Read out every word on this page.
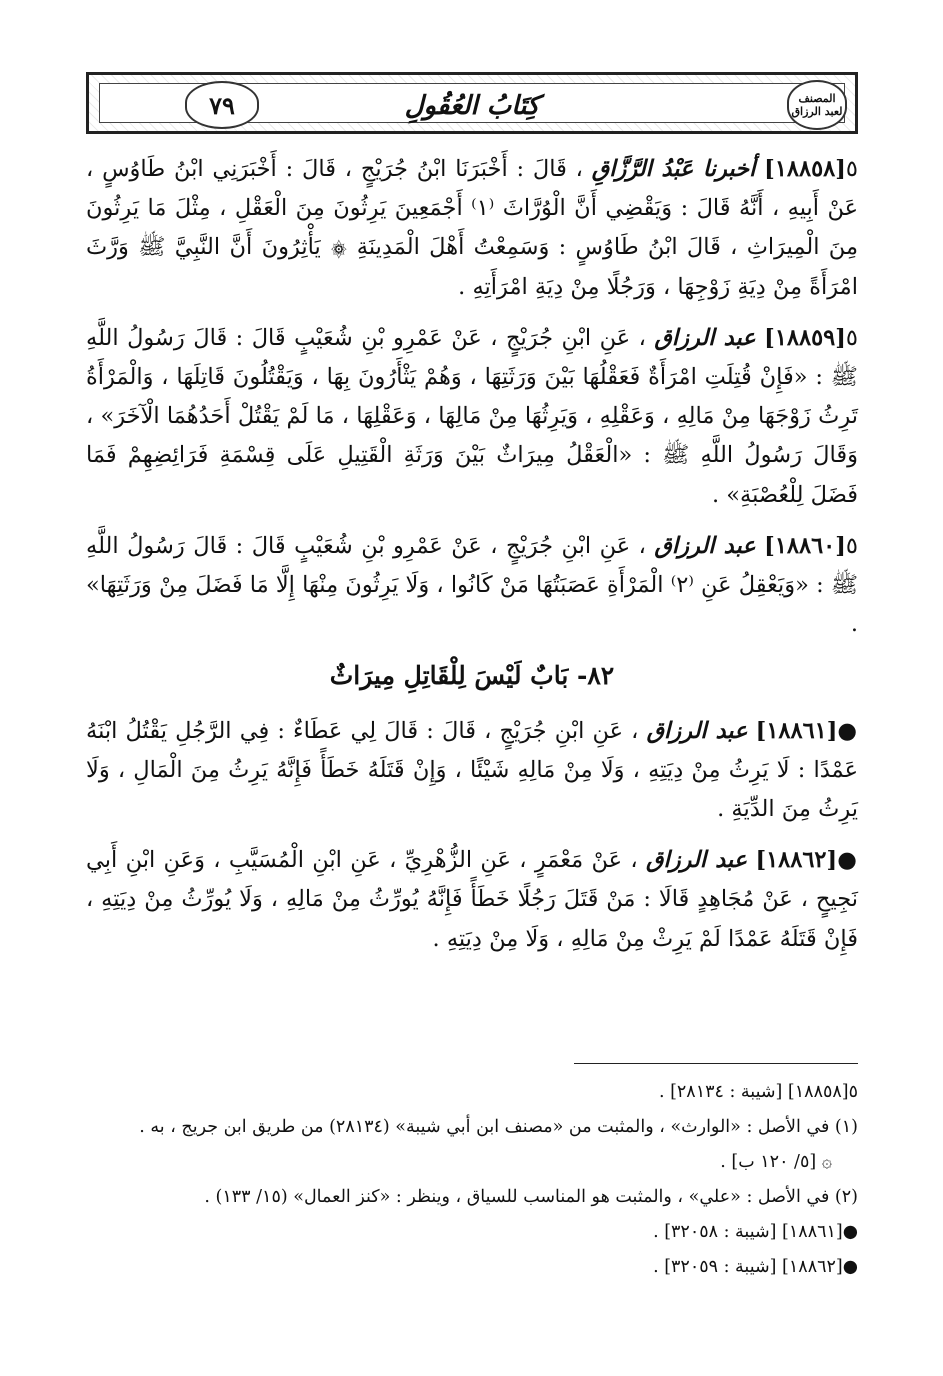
كِتَابُ العُقُولِ	المصنف لعبد الرزاق
٧٩

٥[١٨٨٥٨] أخبرنا عَبْدُ الرَّزَّاقِ ، قَالَ : أَخْبَرَنَا ابْنُ جُرَيْجٍ ، قَالَ : أَخْبَرَنِي ابْنُ طَاوُسٍ ، عَنْ أَبِيهِ ، أَنَّهُ قَالَ : وَيَقْضِي أَنَّ الْوُرَّاثَ ⁽١⁾ أَجْمَعِينَ يَرِثُونَ مِنَ الْعَقْلِ ، مِثْلَ مَا يَرِثُونَ مِنَ الْمِيرَاثِ ، قَالَ ابْنُ طَاوُسٍ : وَسَمِعْتُ أَهْلَ الْمَدِينَةِ ۞ يَأْثِرُونَ أَنَّ النَّبِيَّ ﷺ وَرَّثَ امْرَأَةً مِنْ دِيَةِ زَوْجِهَا ، وَرَجُلًا مِنْ دِيَةِ امْرَأَتِهِ .

٥[١٨٨٥٩] عبد الرزاق ، عَنِ ابْنِ جُرَيْجٍ ، عَنْ عَمْرِو بْنِ شُعَيْبٍ قَالَ : قَالَ رَسُولُ اللَّهِ ﷺ : «فَإِنْ قُتِلَتِ امْرَأَةٌ فَعَقْلُهَا بَيْنَ وَرَثَتِهَا ، وَهُمْ يَثْأَرُونَ بِهَا ، وَيَقْتُلُونَ قَاتِلَهَا ، وَالْمَرْأَةُ تَرِثُ زَوْجَهَا مِنْ مَالِهِ ، وَعَقْلِهِ ، وَيَرِثُهَا مِنْ مَالِهَا ، وَعَقْلِهَا ، مَا لَمْ يَقْتُلْ أَحَدُهُمَا الْآخَرَ» ، وَقَالَ رَسُولُ اللَّهِ ﷺ : «الْعَقْلُ مِيرَاثٌ بَيْنَ وَرَثَةِ الْقَتِيلِ عَلَى قِسْمَةِ فَرَائِضِهِمْ فَمَا فَضَلَ لِلْعُصْبَةِ» .

٥[١٨٨٦٠] عبد الرزاق ، عَنِ ابْنِ جُرَيْجٍ ، عَنْ عَمْرِو بْنِ شُعَيْبٍ قَالَ : قَالَ رَسُولُ اللَّهِ ﷺ : «وَيَعْقِلُ عَنِ ⁽٢⁾ الْمَرْأَةِ عَصَبَتُهَا مَنْ كَانُوا ، وَلَا يَرِثُونَ مِنْهَا إِلَّا مَا فَضَلَ مِنْ وَرَثَتِهَا» .

٨٢- بَابٌ لَيْسَ لِلْقَاتِلِ مِيرَاثٌ

●[١٨٨٦١] عبد الرزاق ، عَنِ ابْنِ جُرَيْجٍ ، قَالَ : قَالَ لِي عَطَاءٌ : فِي الرَّجُلِ يَقْتُلُ ابْنَهُ عَمْدًا : لَا يَرِثُ مِنْ دِيَتِهِ ، وَلَا مِنْ مَالِهِ شَيْئًا ، وَإِنْ قَتَلَهُ خَطَأً فَإِنَّهُ يَرِثُ مِنَ الْمَالِ ، وَلَا يَرِثُ مِنَ الدِّيَةِ .

●[١٨٨٦٢] عبد الرزاق ، عَنْ مَعْمَرٍ ، عَنِ الزُّهْرِيِّ ، عَنِ ابْنِ الْمُسَيَّبِ ، وَعَنِ ابْنِ أَبِي نَجِيحٍ ، عَنْ مُجَاهِدٍ قَالَا : مَنْ قَتَلَ رَجُلًا خَطَأً فَإِنَّهُ يُورِّثُ مِنْ مَالِهِ ، وَلَا يُورِّثُ مِنْ دِيَتِهِ ، فَإِنْ قَتَلَهُ عَمْدًا لَمْ يَرِثْ مِنْ مَالِهِ ، وَلَا مِنْ دِيَتِهِ .

٥[١٨٨٥٨] [شيبة : ٢٨١٣٤] .
(١) في الأصل : «الوارث» ، والمثبت من «مصنف ابن أبي شيبة» (٢٨١٣٤) من طريق ابن جريج ، به .
۞ [٥/ ١٢٠ ب] .
(٢) في الأصل : «علي» ، والمثبت هو المناسب للسياق ، وينظر : «كنز العمال» (١٥/ ١٣٣) .
●[١٨٨٦١] [شيبة : ٣٢٠٥٨] .
●[١٨٨٦٢] [شيبة : ٣٢٠٥٩] .
